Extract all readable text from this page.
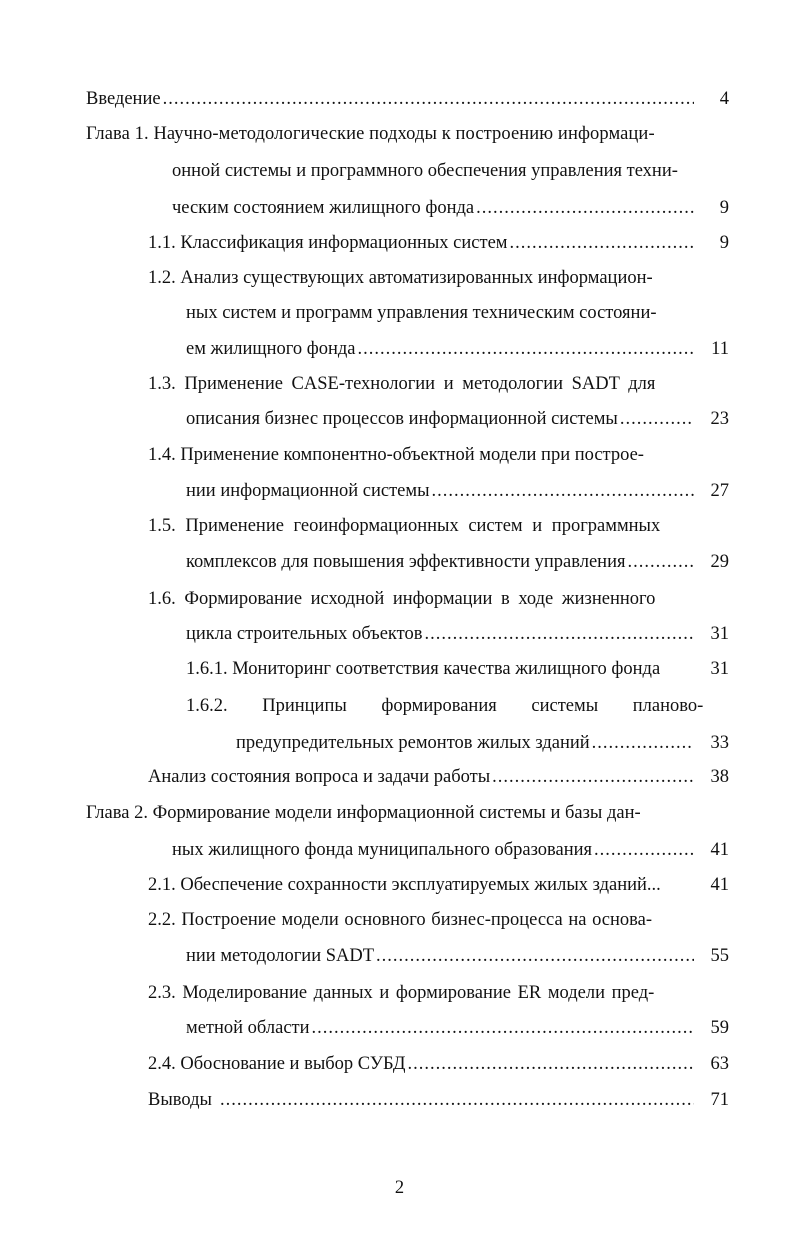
Введение .....	4
Глава 1. Научно-методологические подходы к построению информаци-
онной системы и программного обеспечения управления техни-
ческим состоянием жилищного фонда .....	9
1.1. Классификация информационных систем .....	9
1.2. Анализ существующих автоматизированных информацион-
ных систем и программ управления техническим состояни-
ем жилищного фонда .....	11
1.3. Применение CASE-технологии и методологии SADT для
описания бизнес процессов информационной системы .....	23
1.4. Применение компонентно-объектной модели при построе-
нии информационной системы .....	27
1.5. Применение геоинформационных систем и программных
комплексов для повышения эффективности управления .....	29
1.6. Формирование исходной информации в ходе жизненного
цикла строительных объектов .....	31
1.6.1. Мониторинг соответствия качества жилищного фонда	31
1.6.2. Принципы формирования системы планово-
предупредительных ремонтов жилых зданий .....	33
Анализ состояния вопроса и задачи работы .....	38
Глава 2. Формирование модели информационной системы и базы дан-
ных жилищного фонда муниципального образования .....	41
2.1. Обеспечение сохранности эксплуатируемых жилых зданий...	41
2.2. Построение модели основного бизнес-процесса на основа-
нии методологии SADT .....	55
2.3. Моделирование данных и формирование ER модели пред-
метной области .....	59
2.4. Обоснование и выбор СУБД .....	63
Выводы .....	71
2
